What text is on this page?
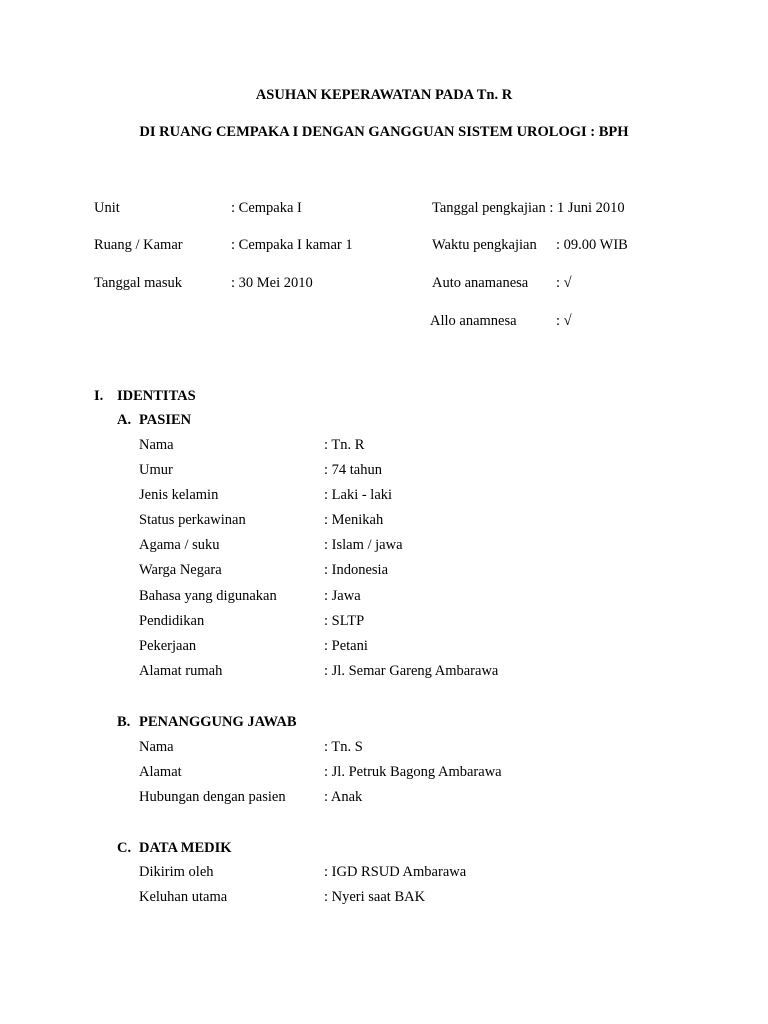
ASUHAN KEPERAWATAN PADA Tn. R
DI RUANG CEMPAKA I DENGAN GANGGUAN SISTEM UROLOGI : BPH
Unit	: Cempaka I	Tanggal pengkajian : 1 Juni 2010
Ruang / Kamar	: Cempaka I kamar 1	Waktu pengkajian : 09.00 WIB
Tanggal masuk	: 30 Mei 2010	Auto anamanesa : √
Allo anamnesa	: √
I. IDENTITAS
A. PASIEN
Nama	: Tn. R
Umur	: 74 tahun
Jenis kelamin	: Laki - laki
Status perkawinan	: Menikah
Agama / suku	: Islam / jawa
Warga Negara	: Indonesia
Bahasa yang digunakan	: Jawa
Pendidikan	: SLTP
Pekerjaan	: Petani
Alamat rumah	: Jl. Semar Gareng Ambarawa
B. PENANGGUNG JAWAB
Nama	: Tn. S
Alamat	: Jl. Petruk Bagong Ambarawa
Hubungan dengan pasien	: Anak
C. DATA MEDIK
Dikirim oleh	: IGD RSUD Ambarawa
Keluhan utama	: Nyeri saat BAK
